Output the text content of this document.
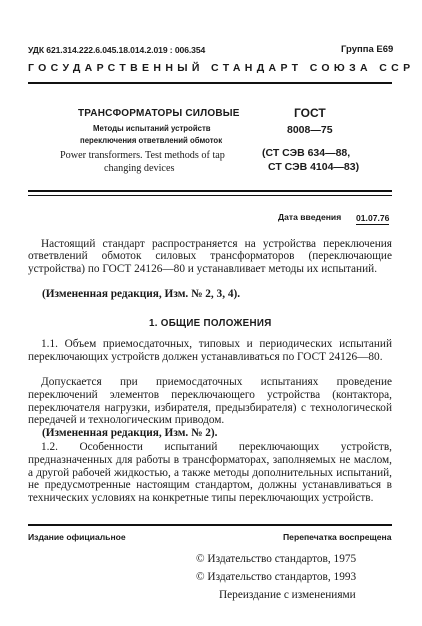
УДК 621.314.222.6.045.18.014.2.019 : 006.354	Группа Е69
ГОСУДАРСТВЕННЫЙ СТАНДАРТ СОЮЗА ССР
ТРАНСФОРМАТОРЫ СИЛОВЫЕ
Методы испытаний устройств
переключения ответвлений обмоток
Power transformers. Test methods of tap
changing devices
ГОСТ
8008—75
(СТ СЭВ 634—88,
СТ СЭВ 4104—83)
Дата введения 01.07.76

Настоящий стандарт распространяется на устройства переключения ответвлений обмоток силовых трансформаторов (переключающие устройства) по ГОСТ 24126—80 и устанавливает методы их испытаний.

(Измененная редакция, Изм. № 2, 3, 4).

1. ОБЩИЕ ПОЛОЖЕНИЯ

1.1. Объем приемосдаточных, типовых и периодических испытаний переключающих устройств должен устанавливаться по ГОСТ 24126—80.

Допускается при приемосдаточных испытаниях проведение переключений элементов переключающего устройства (контактора, переключателя нагрузки, избирателя, предызбирателя) с технологической передачей и технологическим приводом.

(Измененная редакция, Изм. № 2).

1.2. Особенности испытаний переключающих устройств, предназначенных для работы в трансформаторах, заполняемых не маслом, а другой рабочей жидкостью, а также методы дополнительных испытаний, не предусмотренные настоящим стандартом, должны устанавливаться в технических условиях на конкретные типы переключающих устройств.

Издание официальное	Перепечатка воспрещена
© Издательство стандартов, 1975
© Издательство стандартов, 1993
Переиздание с изменениями
